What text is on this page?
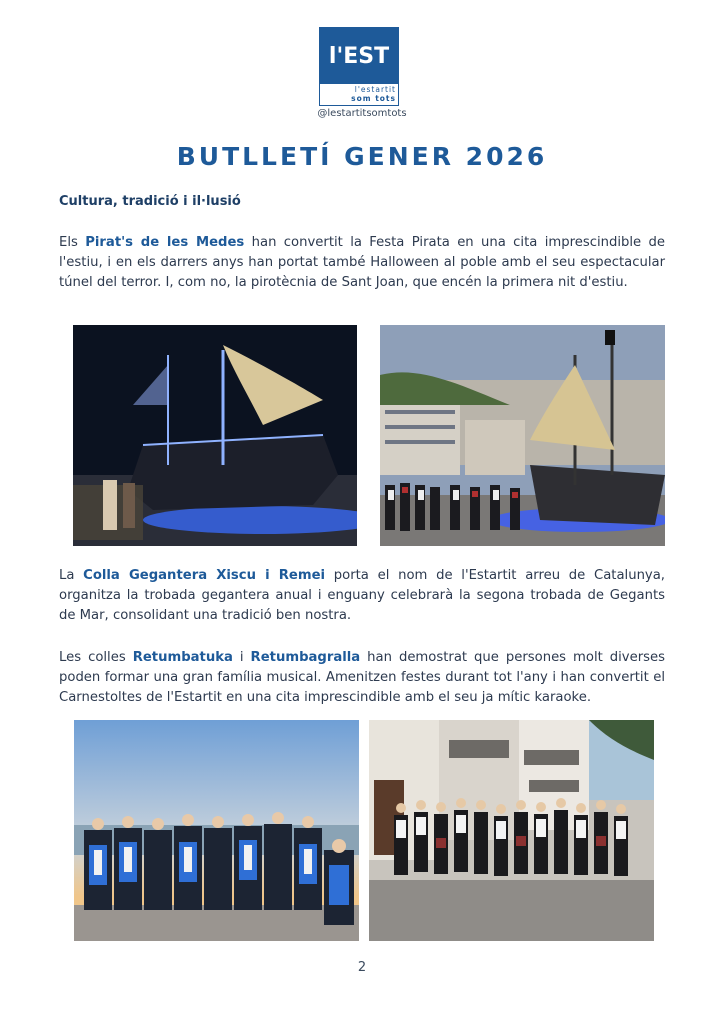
l'EST
l'estartit
som tots
@lestartitsomtots
BUTLLETÍ GENER 2026
Cultura, tradició i il·lusió

Els Pirat's de les Medes han convertit la Festa Pirata en una cita imprescindible de l'estiu, i en els darrers anys han portat també Halloween al poble amb el seu espectacular túnel del terror. I, com no, la pirotècnia de Sant Joan, que encén la primera nit d'estiu.

La Colla Gegantera Xiscu i Remei porta el nom de l'Estartit arreu de Catalunya, organitza la trobada gegantera anual i enguany celebrarà la segona trobada de Gegants de Mar, consolidant una tradició ben nostra.

Les colles Retumbatuka i Retumbagralla han demostrat que persones molt diverses poden formar una gran família musical. Amenitzen festes durant tot l'any i han convertit el Carnestoltes de l'Estartit en una cita imprescindible amb el seu ja mític karaoke.

2
